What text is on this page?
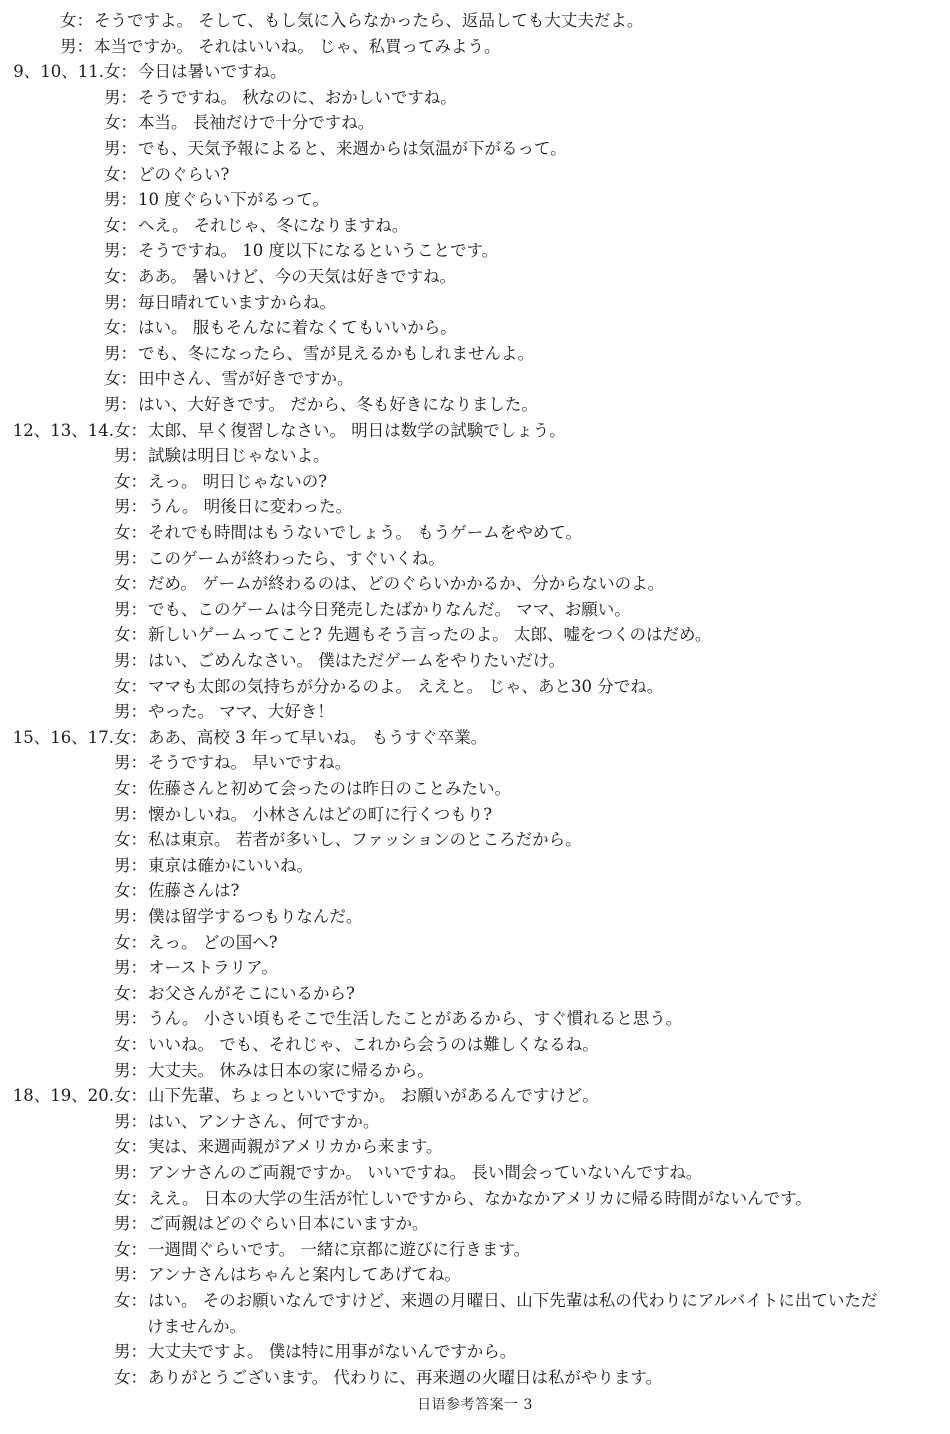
女：そうですよ。 そして、もし気に入らなかったら、返品しても大丈夫だよ。
男：本当ですか。 それはいいね。 じゃ、私買ってみよう。
9、10、11. 女：今日は暑いですね。
男：そうですね。 秋なのに、おかしいですね。
女：本当。 長袖だけで十分ですね。
男：でも、天気予報によると、来週からは気温が下がるって。
女：どのぐらい?
男：10 度ぐらい下がるって。
女：へえ。 それじゃ、冬になりますね。
男：そうですね。 10 度以下になるということです。
女：ああ。 暑いけど、今の天気は好きですね。
男：毎日晴れていますからね。
女：はい。 服もそんなに着なくてもいいから。
男：でも、冬になったら、雪が見えるかもしれませんよ。
女：田中さん、雪が好きですか。
男：はい、大好きです。 だから、冬も好きになりました。
12、13、14. 女：太郎、早く復習しなさい。 明日は数学の試験でしょう。
男：試験は明日じゃないよ。
女：えっ。 明日じゃないの?
男：うん。 明後日に変わった。
女：それでも時間はもうないでしょう。 もうゲームをやめて。
男：このゲームが終わったら、すぐいくね。
女：だめ。 ゲームが終わるのは、どのぐらいかかるか、分からないのよ。
男：でも、このゲームは今日発売したばかりなんだ。 ママ、お願い。
女：新しいゲームってこと? 先週もそう言ったのよ。 太郎、嘘をつくのはだめ。
男：はい、ごめんなさい。 僕はただゲームをやりたいだけ。
女：ママも太郎の気持ちが分かるのよ。 ええと。 じゃ、あと30 分でね。
男：やった。 ママ、大好き！
15、16、17. 女：ああ、高校 3 年って早いね。 もうすぐ卒業。
男：そうですね。 早いですね。
女：佐藤さんと初めて会ったのは昨日のことみたい。
男：懐かしいね。 小林さんはどの町に行くつもり?
女：私は東京。 若者が多いし、ファッションのところだから。
男：東京は確かにいいね。
女：佐藤さんは?
男：僕は留学するつもりなんだ。
女：えっ。 どの国へ?
男：オーストラリア。
女：お父さんがそこにいるから?
男：うん。 小さい頃もそこで生活したことがあるから、すぐ慣れると思う。
女：いいね。 でも、それじゃ、これから会うのは難しくなるね。
男：大丈夫。 休みは日本の家に帰るから。
18、19、20. 女：山下先輩、ちょっといいですか。 お願いがあるんですけど。
男：はい、アンナさん、何ですか。
女：実は、来週両親がアメリカから来ます。
男：アンナさんのご両親ですか。 いいですね。 長い間会っていないんですね。
女：ええ。 日本の大学の生活が忙しいですから、なかなかアメリカに帰る時間がないんです。
男：ご両親はどのぐらい日本にいますか。
女：一週間ぐらいです。 一緒に京都に遊びに行きます。
男：アンナさんはちゃんと案内してあげてね。
女：はい。 そのお願いなんですけど、来週の月曜日、山下先輩は私の代わりにアルバイトに出ていただ
けませんか。
男：大丈夫ですよ。 僕は特に用事がないんですから。
女：ありがとうございます。 代わりに、再来週の火曜日は私がやります。
日语参考答案一 3
